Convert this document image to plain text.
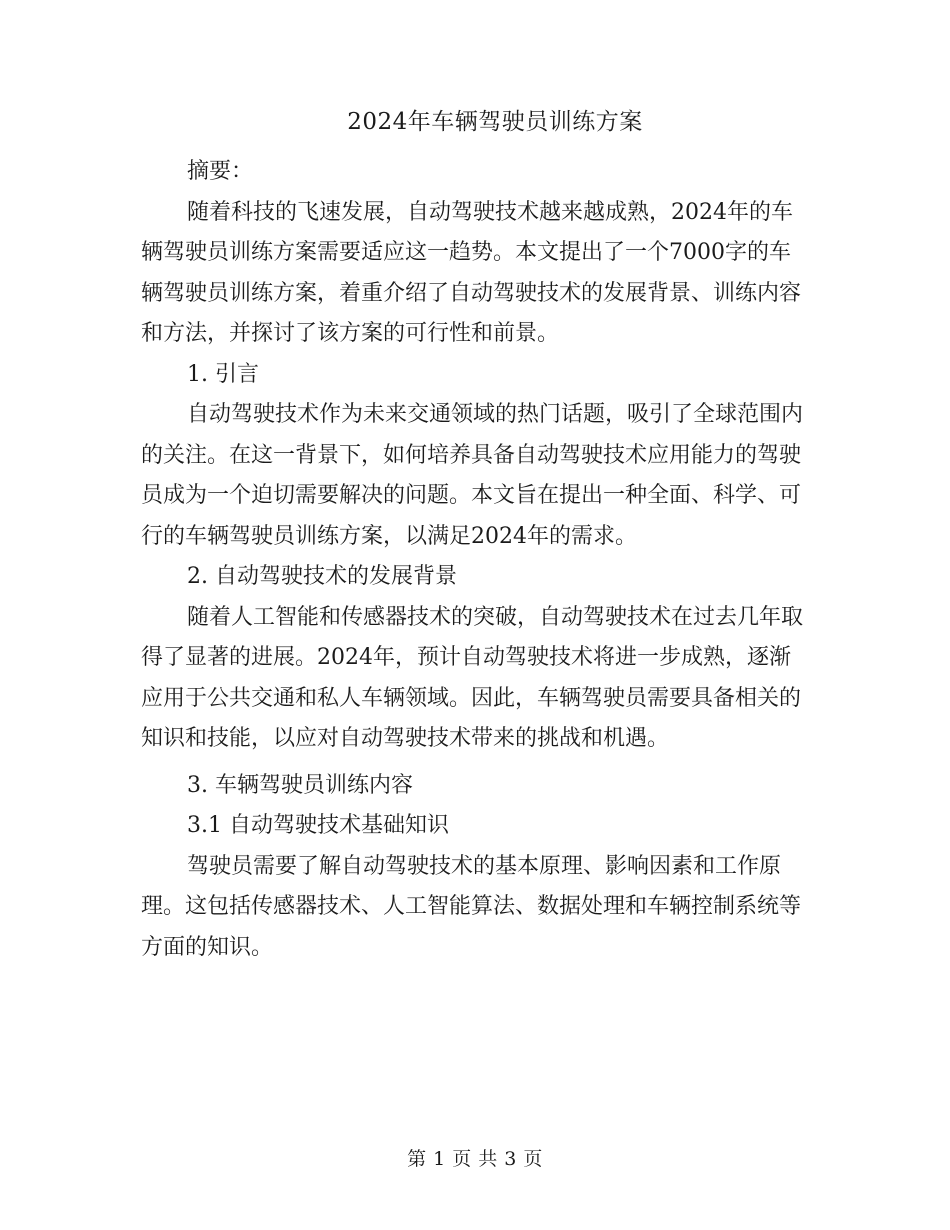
2024年车辆驾驶员训练方案

摘要：

随着科技的飞速发展，自动驾驶技术越来越成熟，2024年的车辆驾驶员训练方案需要适应这一趋势。本文提出了一个7000字的车辆驾驶员训练方案，着重介绍了自动驾驶技术的发展背景、训练内容和方法，并探讨了该方案的可行性和前景。

1. 引言

自动驾驶技术作为未来交通领域的热门话题，吸引了全球范围内的关注。在这一背景下，如何培养具备自动驾驶技术应用能力的驾驶员成为一个迫切需要解决的问题。本文旨在提出一种全面、科学、可行的车辆驾驶员训练方案，以满足2024年的需求。

2. 自动驾驶技术的发展背景

随着人工智能和传感器技术的突破，自动驾驶技术在过去几年取得了显著的进展。2024年，预计自动驾驶技术将进一步成熟，逐渐应用于公共交通和私人车辆领域。因此，车辆驾驶员需要具备相关的知识和技能，以应对自动驾驶技术带来的挑战和机遇。

3. 车辆驾驶员训练内容

3.1 自动驾驶技术基础知识

驾驶员需要了解自动驾驶技术的基本原理、影响因素和工作原理。这包括传感器技术、人工智能算法、数据处理和车辆控制系统等方面的知识。

第 1 页 共 3 页
